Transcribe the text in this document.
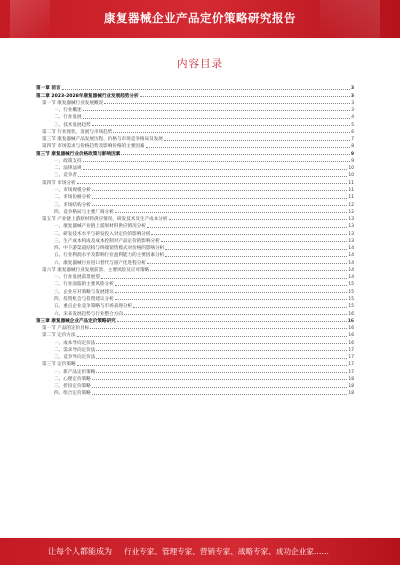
康复器械企业产品定价策略研究报告
内容目录
第一章 前言	3
第二章 2023-2028年康复器械行业发展趋势分析	3
第一节 康复器械行业发展概况	3
一、行业概述	3
二、行业发展	4
三、技术发展趋势	5
第二节 行业现状、发展与市场趋势	6
第三节 康复器械产品发展历程、价格与市场竞争格局及发展	7
第四节 市场需求与价格趋势及影响价格的主要因素	8
第三节 康复器械行业价格政策与影响因素	9
一、政策支持	9
二、法律法规	10
三、竞争者	10
第四节 市场分析	11
一、市场规模分析	11
二、市场份额分析	11
三、市场结构分析	12
四、竞争格局与主要厂商分析	12
第五节 产业链上游原材料供应情况、研发技术及生产成本分析	13
一、康复器械产业链上游原材料供应情况分析	13
二、研发技术水平与研发投入对定价的影响分析	13
三、生产成本构成及成本控制对产品定价的影响分析	13
四、中下游渠道结构与终端销售模式对价格的影响分析	14
五、行业利润水平及影响行业盈利能力的主要因素分析	14
六、康复器械行业进口替代与国产化进程分析	14
第六节 康复器械行业发展前景、主要风险及应对策略	14
一、行业发展前景展望	14
二、行业面临的主要风险分析	15
三、企业应对策略与发展建议	15
四、投资机会与投资建议分析	15
五、重点企业竞争策略与市场表现分析	15
六、未来发展趋势与行业整合方向	16
第三章 康复器械企业产品定价策略研究	16
第一节 产品的定价目标	16
第二节 定价方法	16
一、成本导向定价法	16
二、需求导向定价法	17
三、竞争导向定价法	17
第三节 定价策略	17
一、新产品定价策略	17
二、心理定价策略	18
三、折扣定价策略	18
四、组合定价策略	18
让每个人都能成为 行业专家、管理专家、营销专家、战略专家、成功企业家……
